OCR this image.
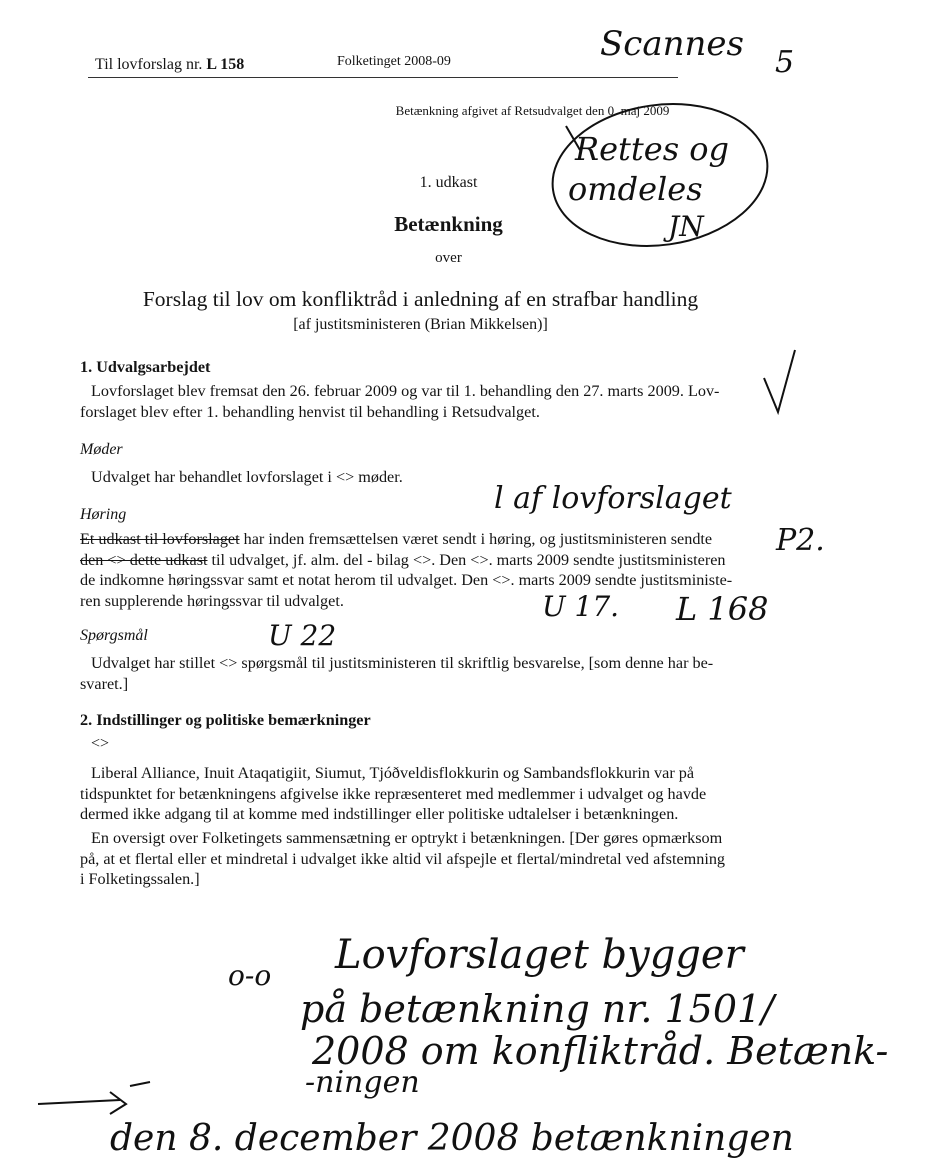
Til lovforslag nr. L 158	Folketinget 2008-09
Betænkning afgivet af Retsudvalget den 0. maj 2009
1. udkast
Betænkning
over
Forslag til lov om konfliktråd i anledning af en strafbar handling
[af justitsministeren (Brian Mikkelsen)]
1. Udvalgsarbejdet
Lovforslaget blev fremsat den 26. februar 2009 og var til 1. behandling den 27. marts 2009. Lov-
forslaget blev efter 1. behandling henvist til behandling i Retsudvalget.
Møder
Udvalget har behandlet lovforslaget i <> møder.
Høring
Et udkast til lovforslaget har inden fremsættelsen været sendt i høring, og justitsministeren sendte
den <> dette udkast til udvalget, jf. alm. del - bilag <>. Den <>. marts 2009 sendte justitsministeren
de indkomne høringssvar samt et notat herom til udvalget. Den <>. marts 2009 sendte justitsministe-
ren supplerende høringssvar til udvalget.
Spørgsmål
Udvalget har stillet <> spørgsmål til justitsministeren til skriftlig besvarelse, [som denne har be-
svaret.]
2. Indstillinger og politiske bemærkninger
<>
Liberal Alliance, Inuit Ataqatigiit, Siumut, Tjóðveldisflokkurin og Sambandsflokkurin var på
tidspunktet for betænkningens afgivelse ikke repræsenteret med medlemmer i udvalget og havde
dermed ikke adgang til at komme med indstillinger eller politiske udtalelser i betænkningen.
En oversigt over Folketingets sammensætning er optrykt i betænkningen. [Der gøres opmærksom
på, at et flertal eller et mindretal i udvalget ikke altid vil afspejle et flertal/mindretal ved afstemning
i Folketingssalen.]
Scannes 5
Rettes og
omdeles
JN
l af lovforslaget
P2.
U 17. L 168
U 22
o-o Lovforslaget bygger
på betænkning nr. 1501/
2008 om konfliktråd. Betænk-
-ningen
den 8. december 2008 betænkningen
